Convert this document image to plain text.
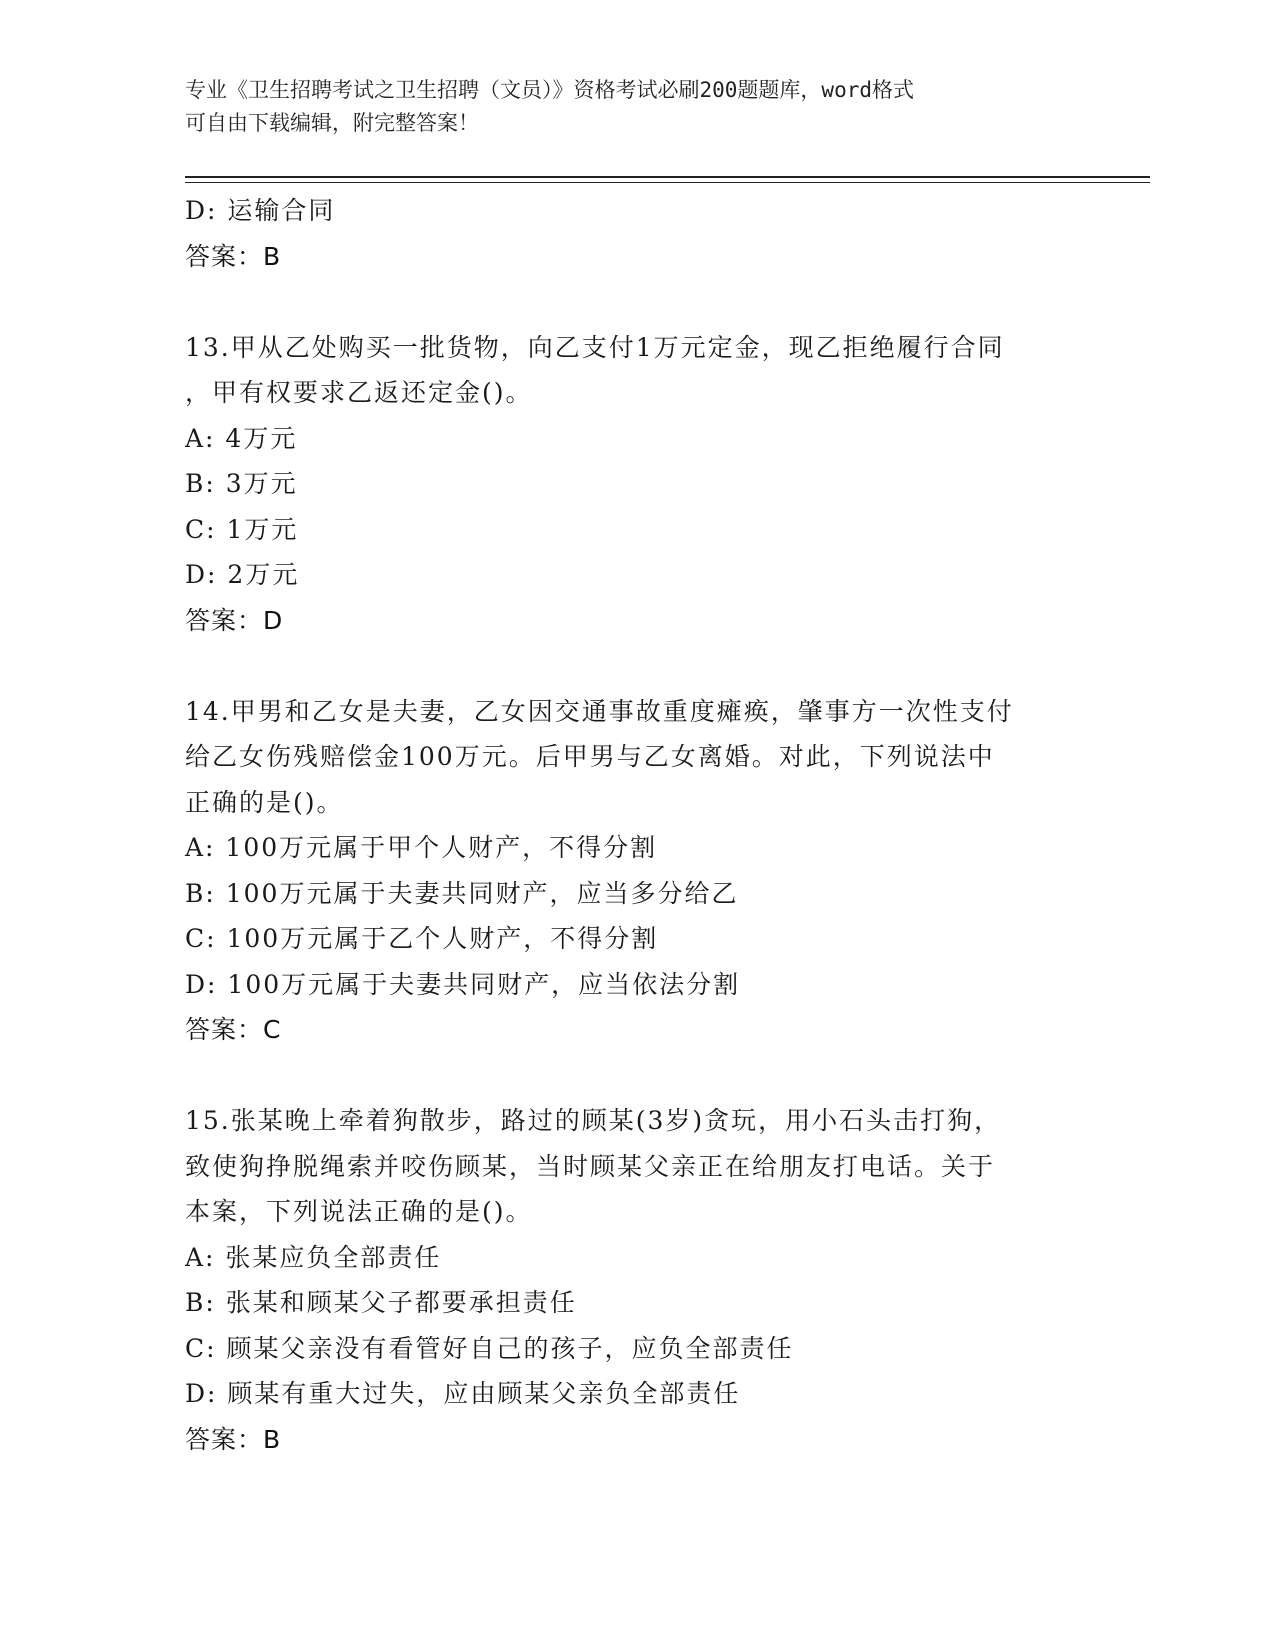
专业《卫生招聘考试之卫生招聘（文员）》资格考试必刷200题题库，word格式
可自由下载编辑，附完整答案！
D: 运输合同
答案：B
13.甲从乙处购买一批货物，向乙支付1万元定金，现乙拒绝履行合同
，甲有权要求乙返还定金()。
A: 4万元
B: 3万元
C: 1万元
D: 2万元
答案：D
14.甲男和乙女是夫妻，乙女因交通事故重度瘫痪，肇事方一次性支付
给乙女伤残赔偿金100万元。后甲男与乙女离婚。对此，下列说法中
正确的是()。
A: 100万元属于甲个人财产，不得分割
B: 100万元属于夫妻共同财产，应当多分给乙
C: 100万元属于乙个人财产，不得分割
D: 100万元属于夫妻共同财产，应当依法分割
答案：C
15.张某晚上牵着狗散步，路过的顾某(3岁)贪玩，用小石头击打狗，
致使狗挣脱绳索并咬伤顾某，当时顾某父亲正在给朋友打电话。关于
本案，下列说法正确的是()。
A: 张某应负全部责任
B: 张某和顾某父子都要承担责任
C: 顾某父亲没有看管好自己的孩子，应负全部责任
D: 顾某有重大过失，应由顾某父亲负全部责任
答案：B
